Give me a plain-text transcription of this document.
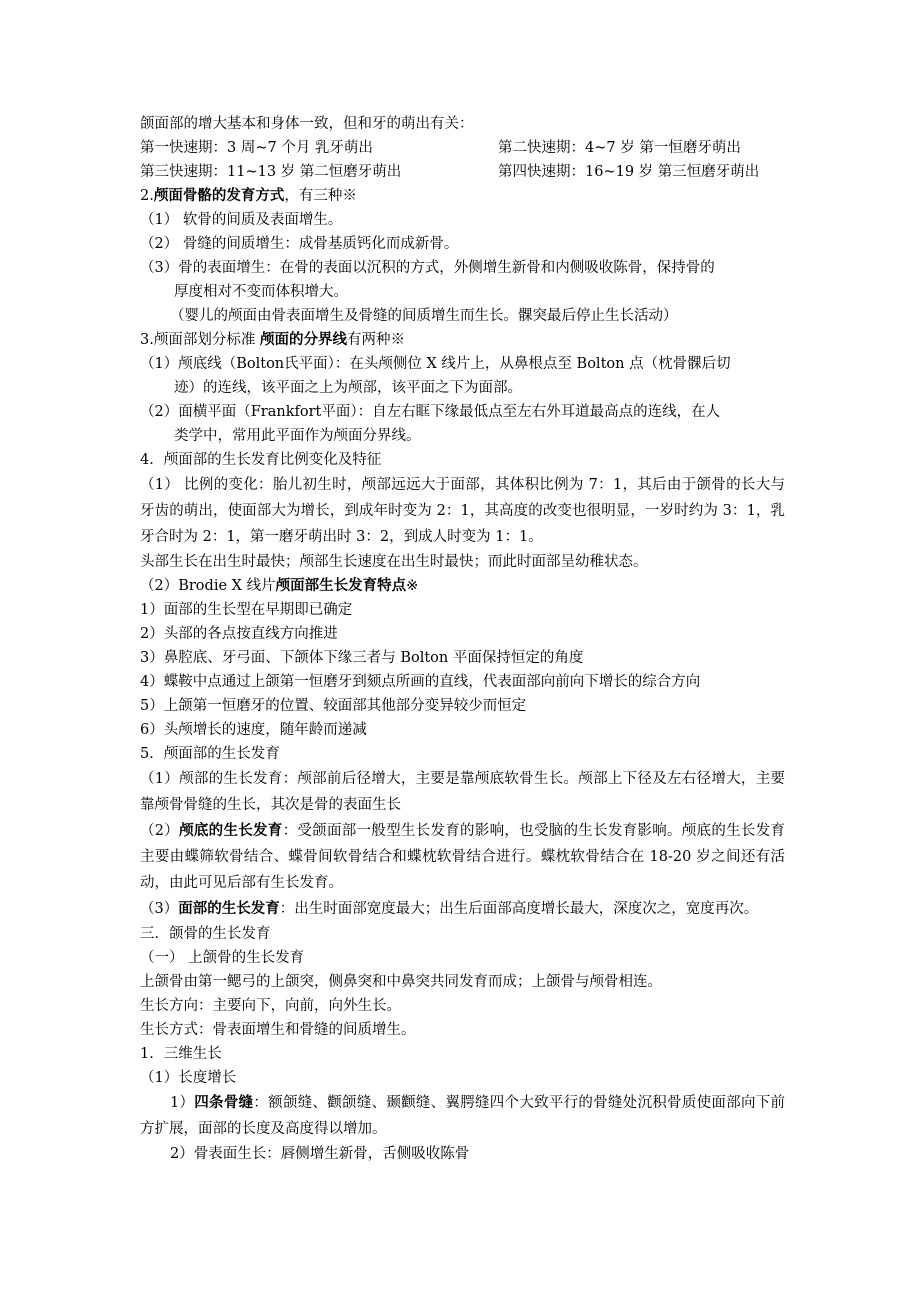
颌面部的增大基本和身体一致，但和牙的萌出有关：
第一快速期：3 周~7 个月 乳牙萌出	第二快速期：4~7 岁 第一恒磨牙萌出
第三快速期：11~13 岁 第二恒磨牙萌出	第四快速期：16~19 岁 第三恒磨牙萌出
2.颅面骨骼的发育方式，有三种※
（1） 软骨的间质及表面增生。
（2） 骨缝的间质增生：成骨基质钙化而成新骨。
（3）骨的表面增生：在骨的表面以沉积的方式，外侧增生新骨和内侧吸收陈骨，保持骨的
厚度相对不变而体积增大。
（婴儿的颅面由骨表面增生及骨缝的间质增生而生长。髁突最后停止生长活动）
3.颅面部划分标准 颅面的分界线有两种※
（1）颅底线（Bolton氏平面）：在头颅侧位 X 线片上，从鼻根点至 Bolton 点（枕骨髁后切
迹）的连线，该平面之上为颅部，该平面之下为面部。
（2）面横平面（Frankfort平面）：自左右眶下缘最低点至左右外耳道最高点的连线，在人
类学中，常用此平面作为颅面分界线。
4．颅面部的生长发育比例变化及特征
（1） 比例的变化：胎儿初生时，颅部远远大于面部，其体积比例为 7：1，其后由于颌骨的长大与牙齿的萌出，使面部大为增长，到成年时变为 2：1，其高度的改变也很明显，一岁时约为 3：1，乳牙合时为 2：1，第一磨牙萌出时 3：2，到成人时变为 1：1。
头部生长在出生时最快；颅部生长速度在出生时最快；而此时面部呈幼稚状态。
（2）Brodie X 线片颅面部生长发育特点※
1）面部的生长型在早期即已确定
2）头部的各点按直线方向推进
3）鼻腔底、牙弓面、下颌体下缘三者与 Bolton 平面保持恒定的角度
4）蝶鞍中点通过上颌第一恒磨牙到颏点所画的直线，代表面部向前向下增长的综合方向
5）上颌第一恒磨牙的位置、较面部其他部分变异较少而恒定
6）头颅增长的速度，随年龄而递减
5．颅面部的生长发育
（1）颅部的生长发育：颅部前后径增大，主要是靠颅底软骨生长。颅部上下径及左右径增大，主要靠颅骨骨缝的生长，其次是骨的表面生长
（2）颅底的生长发育：受颌面部一般型生长发育的影响，也受脑的生长发育影响。颅底的生长发育主要由蝶筛软骨结合、蝶骨间软骨结合和蝶枕软骨结合进行。蝶枕软骨结合在 18-20 岁之间还有活动，由此可见后部有生长发育。
（3）面部的生长发育：出生时面部宽度最大；出生后面部高度增长最大，深度次之，宽度再次。
三．颌骨的生长发育
（一） 上颌骨的生长发育
上颌骨由第一鳃弓的上颌突，侧鼻突和中鼻突共同发育而成；上颌骨与颅骨相连。
生长方向：主要向下，向前，向外生长。
生长方式：骨表面增生和骨缝的间质增生。
1．三维生长
（1）长度增长
1）四条骨缝：额颌缝、颧颌缝、颞颧缝、翼腭缝四个大致平行的骨缝处沉积骨质使面部向下前方扩展，面部的长度及高度得以增加。
2）骨表面生长：唇侧增生新骨，舌侧吸收陈骨
